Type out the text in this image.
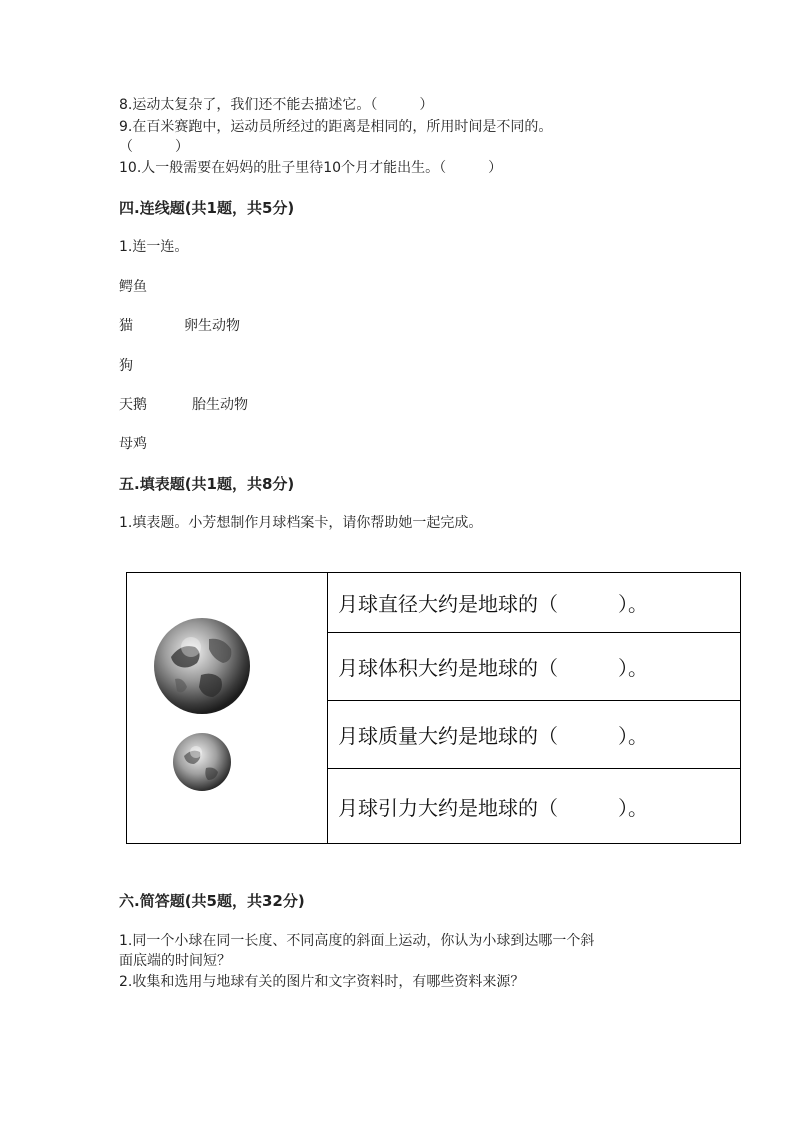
8.运动太复杂了，我们还不能去描述它。（　　　）
9.在百米赛跑中，运动员所经过的距离是相同的，所用时间是不同的。
（　　　）
10.人一般需要在妈妈的肚子里待10个月才能出生。（　　　）
四.连线题(共1题，共5分)
1.连一连。
鳄鱼
猫	卵生动物
狗
天鹅	胎生动物
母鸡
五.填表题(共1题，共8分)
1.填表题。小芳想制作月球档案卡，请你帮助她一起完成。
月球直径大约是地球的（　　　）。
月球体积大约是地球的（　　　）。
月球质量大约是地球的（　　　）。
月球引力大约是地球的（　　　）。
六.简答题(共5题，共32分)
1.同一个小球在同一长度、不同高度的斜面上运动，你认为小球到达哪一个斜
面底端的时间短？
2.收集和选用与地球有关的图片和文字资料时，有哪些资料来源？
